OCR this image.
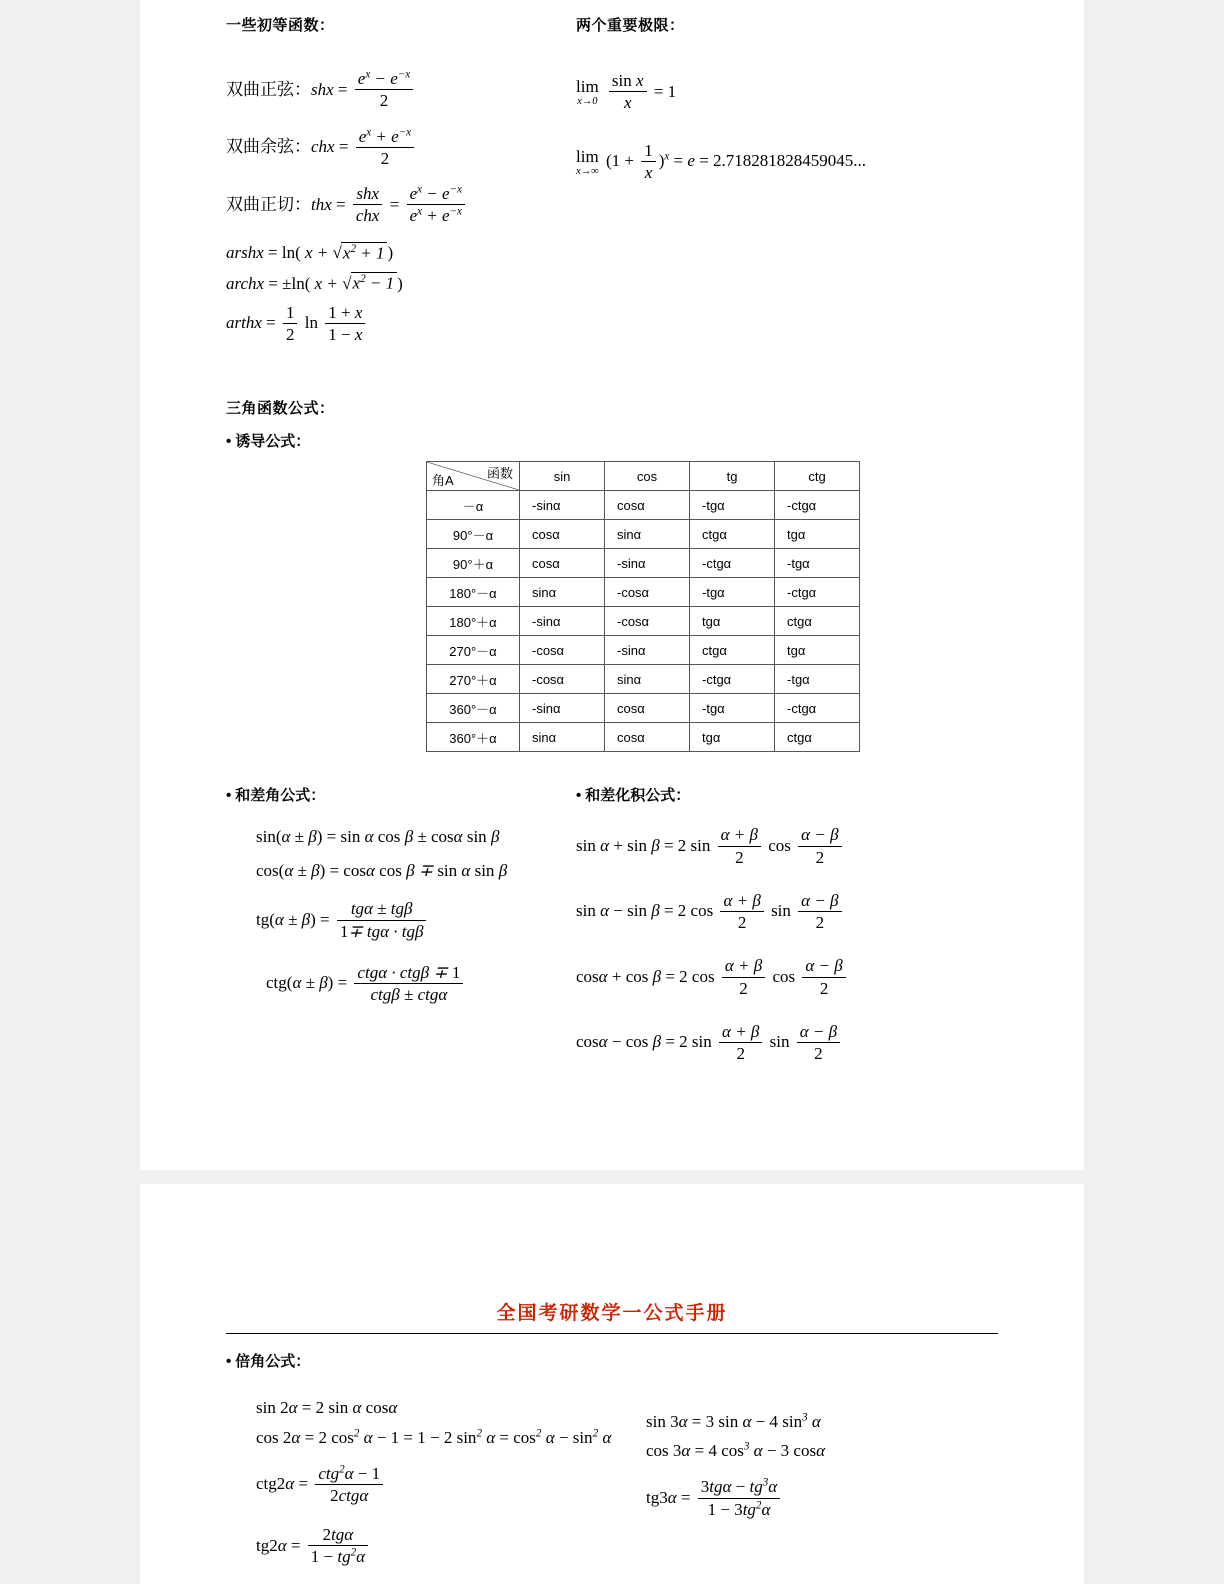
一些初等函数：
双曲正弦：shx = $\frac{e^x - e^{-x}}{2}$
双曲余弦：chx = $\frac{e^x + e^{-x}}{2}$
双曲正切：thx = $\frac{\text{shx}}{\text{chx}} = \frac{e^x - e^{-x}}{e^x + e^{-x}}$
arshx = ln( $x + √x^2 + 1$ )
archx = ±ln( $x + √x^2 - 1$ )
arthx = $\frac{1}{2}$ $\ln \frac{1 + x}{1 - x}$
两个重要极限：
lim
x→0
$\frac{\text{sin x}}{x} = 1$
lim
x→∞
$(1 + \frac{1}{x} )^x = e = 2.718281828459045$...
三角函数公式：
• 诱导公式：
函数
角A	sin	cos	tg	ctg
－α	-sinα	cosα	-tgα	-ctgα
90°－α	cosα	sinα	ctgα	tgα
90°＋α	cosα	-sinα	-ctgα	-tgα
180°－α	sinα	-cosα	-tgα	-ctgα
180°＋α	-sinα	-cosα	tgα	ctgα
270°－α	-cosα	-sinα	ctgα	tgα
270°＋α	-cosα	sinα	-ctgα	-tgα
360°－α	-sinα	cosα	-tgα	-ctgα
360°＋α	sinα	cosα	tgα	ctgα
• 和差角公式：
sin(α ± β) = sin α cos β ± cosα sin β
cos(α ± β) = cosα cos β ∓ sin α sin β
$tg(\alpha \pm \beta) = \frac{\text{tgα ± tgβ}}{\text{1∓ tgα · tgβ}}$
$ctg(\alpha \pm \beta) = \frac{\text{ctgα · ctgβ ∓ 1}}{\text{ctgβ ± ctgα}}$
• 和差化积公式：
sin α + sin β = 2 $\sin \frac{\alpha + \beta}{2}$ $\cos \frac{\alpha - \beta}{2}$
sin α − sin β = 2 $\cos \frac{\alpha + \beta}{2}$ $\sin \frac{\alpha - \beta}{2}$
cosα + cos β = 2 $\cos \frac{\alpha + \beta}{2}$ $\cos \frac{\alpha - \beta}{2}$
cosα − cos β = 2 $\sin \frac{\alpha + \beta}{2}$ $\sin \frac{\alpha - \beta}{2}$
全国考研数学一公式手册
• 倍角公式：
sin 2α = 2 sin α cosα
cos 2α = 2 $\cos^2 \alpha - 1 = 1 - 2$ $\sin^2 \alpha = \cos^2 \alpha - \sin^2 \alpha$
$ctg2\alpha = \frac{ctg^2\alpha - 1}{\text{2ctgα}}$
$tg2\alpha = \frac{\text{2tgα}}{1 - tg^2\alpha}$
sin 3α = 3 sin α − 4 $\sin^3 \alpha$
cos 3α = 4 $\cos^3 \alpha - 3$ cosα
$tg3\alpha = \frac{3tg\alpha - tg^3\alpha}{1 - 3tg^2\alpha}$
